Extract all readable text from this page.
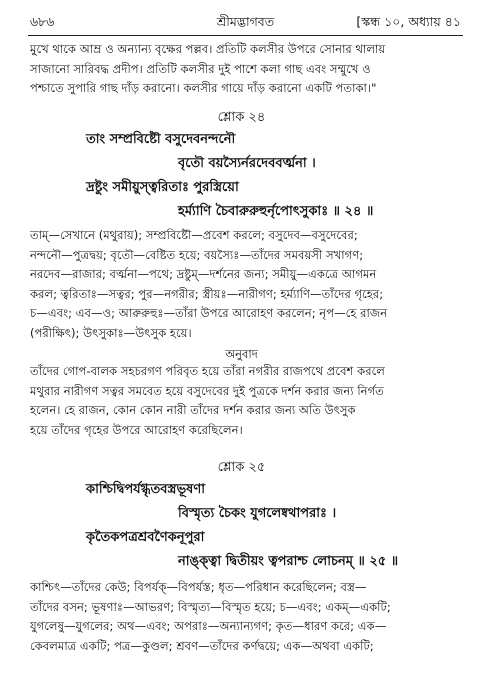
৬৮৬	শ্রীমদ্ভাগবত	[স্কন্ধ ১০, অধ্যায় ৪১
মুখে থাকে আম্র ও অন্যান্য বৃক্ষের পল্লব। প্রতিটি কলসীর উপরে সোনার থালায়
সাজানো সারিবদ্ধ প্রদীপ। প্রতিটি কলসীর দুই পাশে কলা গাছ এবং সম্মুখে ও
পশ্চাতে সুপারি গাছ দাঁড় করানো। কলসীর গায়ে দাঁড় করানো একটি পতাকা।"
শ্লোক ২৪
তাং সম্প্রবিষ্টৌ বসুদেবনন্দনৌ
বৃতৌ বয়স্যৈর্নরদেববর্ত্মনা ।
দ্রষ্টুং সমীয়ুস্ত্বরিতাঃ পুরস্ত্রিয়ো
হর্ম্যাণি চৈবারুরুহুর্নৃপোৎসুকাঃ ॥ ২৪ ॥
তাম্—সেখানে (মথুরায়); সম্প্রবিষ্টৌ—প্রবেশ করলে; বসুদেব—বসুদেবের;
নন্দনৌ—পুত্রদ্বয়; বৃতৌ—বেষ্টিত হয়ে; বয়স্যৈঃ—তাঁদের সমবয়সী সখাগণ;
নরদেব—রাজার; বর্ত্মনা—পথে; দ্রষ্টুম্—দর্শনের জন্য; সমীয়ু—একত্রে আগমন
করল; ত্বরিতাঃ—সত্বর; পুর—নগরীর; স্ত্রীয়ঃ—নারীগণ; হর্ম্যাণি—তাঁদের গৃহের;
চ—এবং; এব—ও; আরুরুহুঃ—তাঁরা উপরে আরোহণ করলেন; নৃপ—হে রাজন
(পরীক্ষিৎ); উৎসুকাঃ—উৎসুক হয়ে।
অনুবাদ
তাঁদের গোপ-বালক সহচরগণ পরিবৃত হয়ে তাঁরা নগরীর রাজপথে প্রবেশ করলে
মথুরার নারীগণ সত্বর সমবেত হয়ে বসুদেবের দুই পুত্রকে দর্শন করার জন্য নির্গত
হলেন। হে রাজন, কোন কোন নারী তাঁদের দর্শন করার জন্য অতি উৎসুক
হয়ে তাঁদের গৃহের উপরে আরোহণ করেছিলেন।
শ্লোক ২৫
কাশ্চিদ্বিপর্যগ্ধৃতবস্ত্রভূষণা
বিস্মৃত্য চৈকং যুগলেষ্বথাপরাঃ ।
কৃতৈকপত্রশ্রবণৈকনূপুরা
নাঙ্‌ক্ত্বা দ্বিতীয়ং ত্বপরাশ্চ লোচনম্ ॥ ২৫ ॥
কাশ্চিৎ—তাঁদের কেউ; বিপর্যক্—বিপর্যস্ত; ধৃত—পরিধান করেছিলেন; বস্ত্র—
তাঁদের বসন; ভূষণাঃ—আভরণ; বিস্মৃত্য—বিস্মৃত হয়ে; চ—এবং; একম্—একটি;
যুগলেষু—যুগলের; অথ—এবং; অপরাঃ—অন্যান্যগণ; কৃত—ধারণ করে; এক—
কেবলমাত্র একটি; পত্র—কুণ্ডল; শ্রবণ—তাঁদের কর্ণদ্বয়ে; এক—অথবা একটি;
